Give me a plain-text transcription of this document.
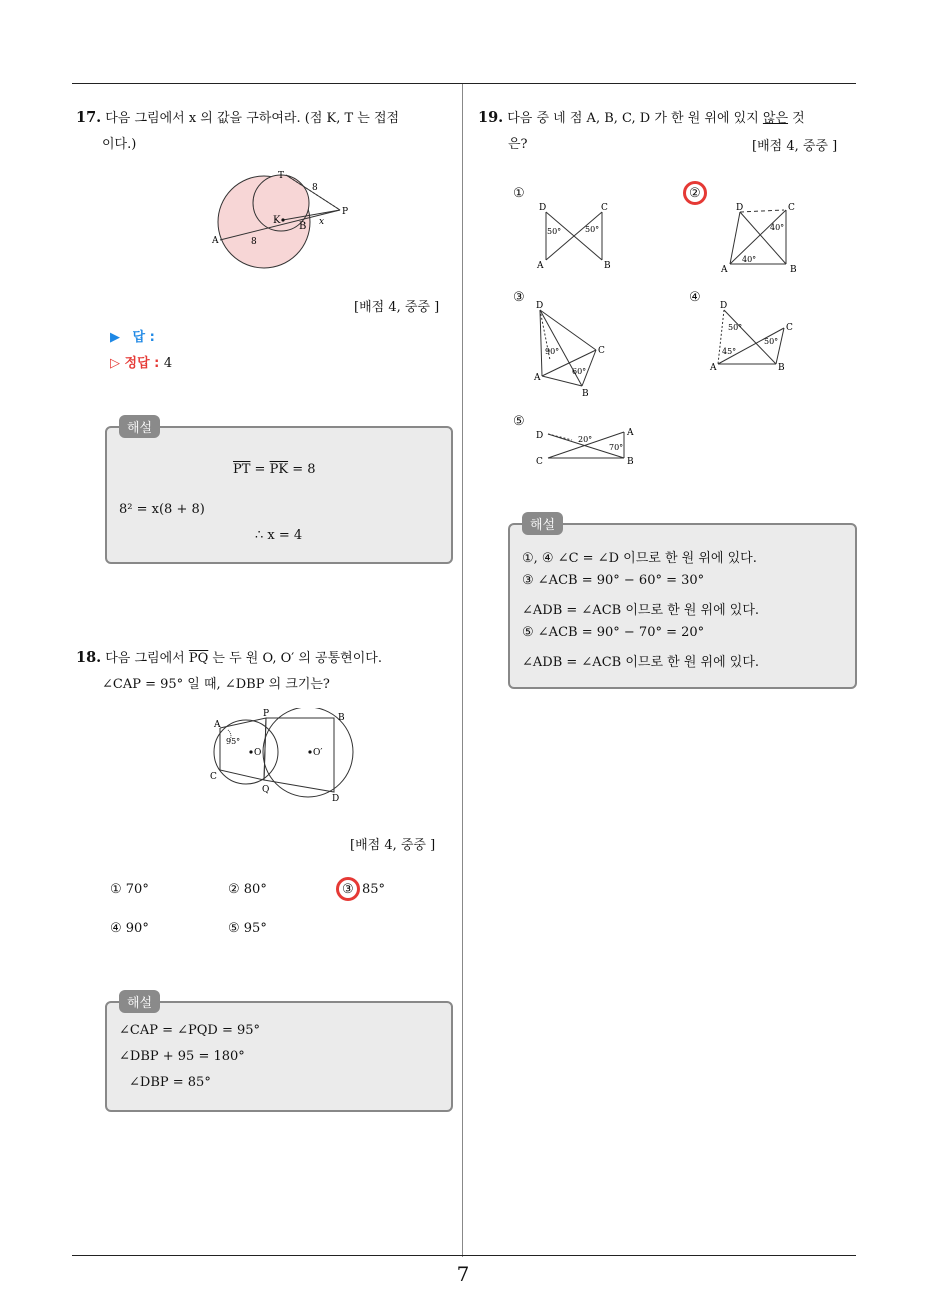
17. 다음 그림에서 x 의 값을 구하여라. (점 K, T 는 접점
이다.)
T
8
P
K
B x
8
A
[배점 4, 중중 ]
▶ 답 :
▷ 정답 : 4
해설
$\overline{PT} = \overline{PK} = 8$
8² = x(8 + 8)
∴ x = 4
18. 다음 그림에서 $\overline{PQ}$ 는 두 원 O, O′ 의 공통현이다.
∠CAP = 95° 일 때, ∠DBP 의 크기는?
A
P	B
95°
O	O′
C
Q
D
[배점 4, 중중 ]
① 70°	② 80°	③ 85°
④ 90°	⑤ 95°
해설
∠CAP = ∠PQD = 95°
∠DBP + 95 = 180°
∠DBP = 85°
19. 다음 중 네 점 A, B, C, D 가 한 원 위에 있지 않은 것
은?	[배점 4, 중중 ]
①	②
③	④
⑤
D	C
A	B
50°	50°
D	C
A	B
40°
40°
D
C
A
B
90°
60°
D
C
A	B
50°
45°
50°
D	A
C	B
20°
70°
해설
①, ④ ∠C = ∠D 이므로 한 원 위에 있다.
③ ∠ACB = 90° − 60° = 30°
∠ADB = ∠ACB 이므로 한 원 위에 있다.
⑤ ∠ACB = 90° − 70° = 20°
∠ADB = ∠ACB 이므로 한 원 위에 있다.
7
